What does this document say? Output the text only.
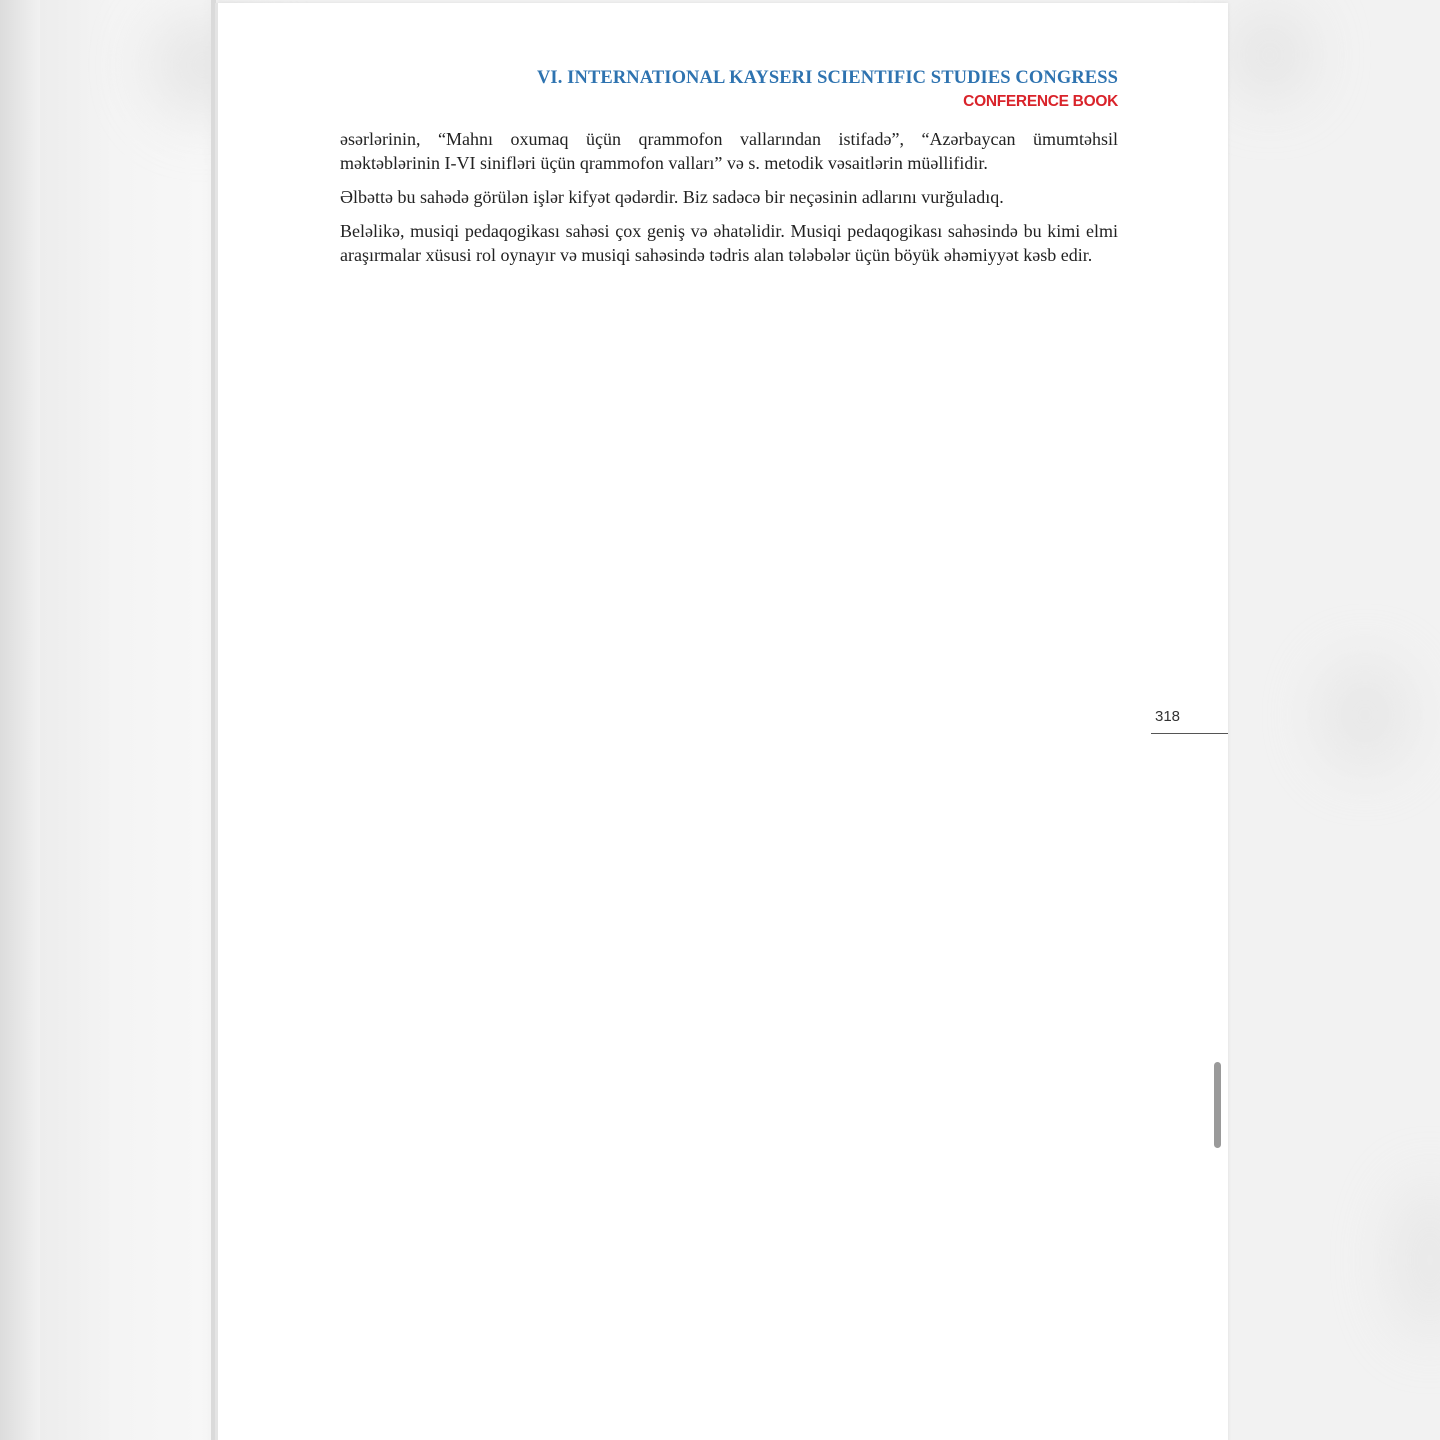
VI. INTERNATIONAL KAYSERI SCIENTIFIC STUDIES CONGRESS
CONFERENCE BOOK

əsərlərinin, “Mahnı oxumaq üçün qrammofon vallarından istifadə”, “Azərbaycan ümumtəhsil məktəblərinin I-VI sinifləri üçün qrammofon valları” və s. metodik vəsaitlərin müəllifidir.

Əlbəttə bu sahədə görülən işlər kifyət qədərdir. Biz sadəcə bir neçəsinin adlarını vurğuladıq.

Beləlikə, musiqi pedaqogikası sahəsi çox geniş və əhatəlidir. Musiqi pedaqogikası sahəsində bu kimi elmi araşırmalar xüsusi rol oynayır və musiqi sahəsində tədris alan tələbələr üçün böyük əhəmiyyət kəsb edir.

318
